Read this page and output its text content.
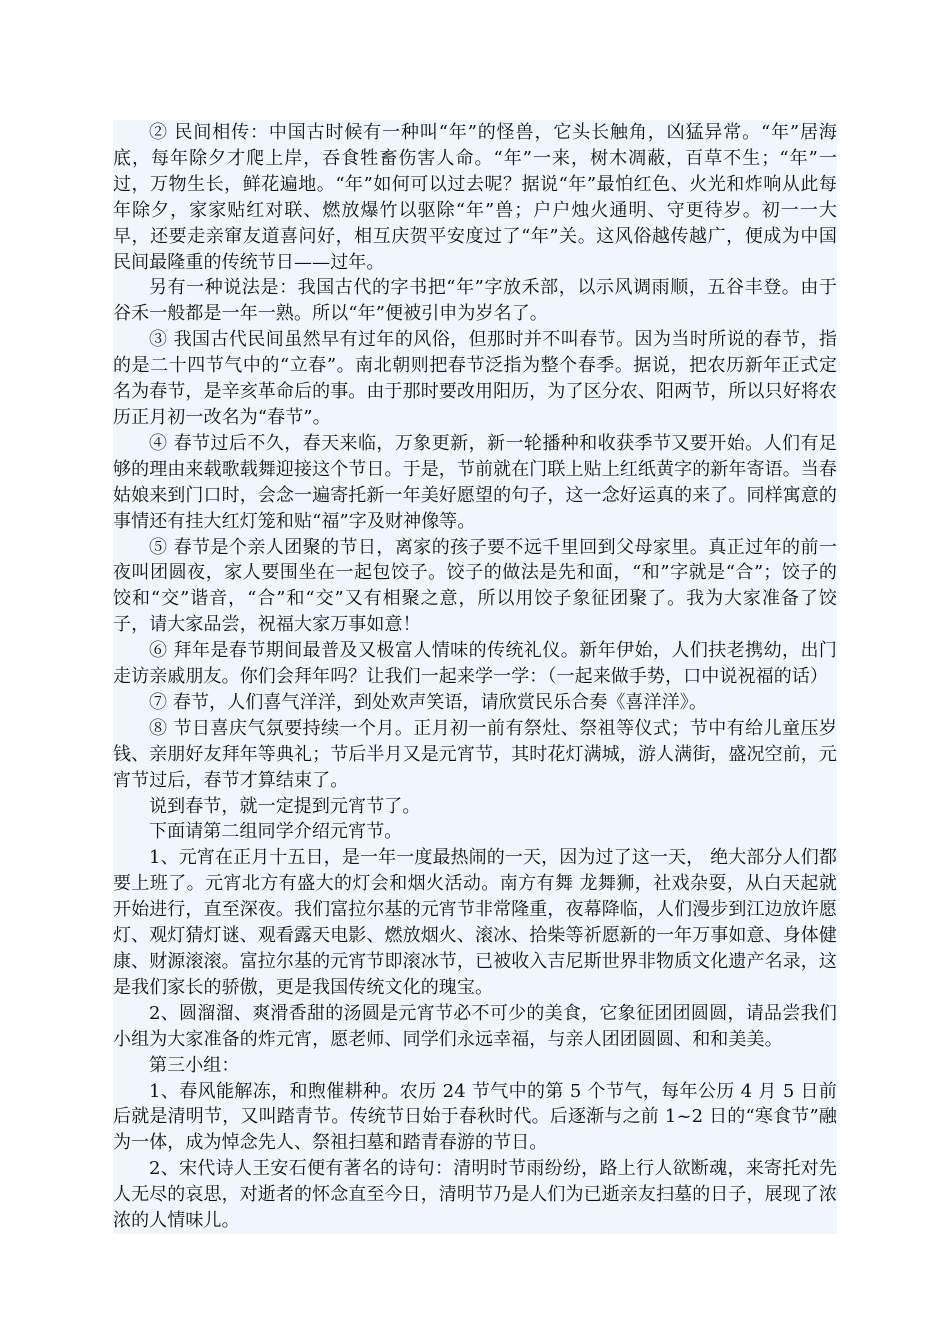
② 民间相传：中国古时候有一种叫“年”的怪兽，它头长触角，凶猛异常。“年”居海底，每年除夕才爬上岸，吞食牲畜伤害人命。“年”一来，树木凋蔽，百草不生；“年”一过，万物生长，鲜花遍地。“年”如何可以过去呢？据说“年”最怕红色、火光和炸响从此每年除夕，家家贴红对联、燃放爆竹以驱除“年”兽；户户烛火通明、守更待岁。初一一大早，还要走亲窜友道喜问好，相互庆贺平安度过了“年”关。这风俗越传越广，便成为中国民间最隆重的传统节日——过年。

另有一种说法是：我国古代的字书把“年”字放禾部，以示风调雨顺，五谷丰登。由于谷禾一般都是一年一熟。所以“年”便被引申为岁名了。

③ 我国古代民间虽然早有过年的风俗，但那时并不叫春节。因为当时所说的春节，指的是二十四节气中的“立春”。南北朝则把春节泛指为整个春季。据说，把农历新年正式定名为春节，是辛亥革命后的事。由于那时要改用阳历，为了区分农、阳两节，所以只好将农历正月初一改名为“春节”。

④ 春节过后不久，春天来临，万象更新，新一轮播种和收获季节又要开始。人们有足够的理由来载歌载舞迎接这个节日。于是，节前就在门联上贴上红纸黄字的新年寄语。当春姑娘来到门口时，会念一遍寄托新一年美好愿望的句子，这一念好运真的来了。同样寓意的事情还有挂大红灯笼和贴“福”字及财神像等。

⑤ 春节是个亲人团聚的节日，离家的孩子要不远千里回到父母家里。真正过年的前一夜叫团圆夜，家人要围坐在一起包饺子。饺子的做法是先和面，“和”字就是“合”；饺子的饺和“交”谐音，“合”和“交”又有相聚之意，所以用饺子象征团聚了。我为大家准备了饺子，请大家品尝，祝福大家万事如意！

⑥ 拜年是春节期间最普及又极富人情味的传统礼仪。新年伊始，人们扶老携幼，出门走访亲戚朋友。你们会拜年吗？让我们一起来学一学：（一起来做手势，口中说祝福的话）

⑦ 春节，人们喜气洋洋，到处欢声笑语，请欣赏民乐合奏《喜洋洋》。

⑧ 节日喜庆气氛要持续一个月。正月初一前有祭灶、祭祖等仪式；节中有给儿童压岁钱、亲朋好友拜年等典礼；节后半月又是元宵节，其时花灯满城，游人满街，盛况空前，元宵节过后，春节才算结束了。

说到春节，就一定提到元宵节了。

下面请第二组同学介绍元宵节。

1、元宵在正月十五日，是一年一度最热闹的一天，因为过了这一天， 绝大部分人们都要上班了。元宵北方有盛大的灯会和烟火活动。南方有舞 龙舞狮，社戏杂耍，从白天起就开始进行，直至深夜。我们富拉尔基的元宵节非常隆重，夜幕降临，人们漫步到江边放许愿灯、观灯猜灯谜、观看露天电影、燃放烟火、滚冰、拾柴等祈愿新的一年万事如意、身体健康、财源滚滚。富拉尔基的元宵节即滚冰节，已被收入吉尼斯世界非物质文化遗产名录，这是我们家长的骄傲，更是我国传统文化的瑰宝。

2、圆溜溜、爽滑香甜的汤圆是元宵节必不可少的美食，它象征团团圆圆，请品尝我们小组为大家准备的炸元宵，愿老师、同学们永远幸福，与亲人团团圆圆、和和美美。

第三小组：

1、春风能解冻，和煦催耕种。农历 24 节气中的第 5 个节气，每年公历 4 月 5 日前后就是清明节，又叫踏青节。传统节日始于春秋时代。后逐渐与之前 1~2 日的“寒食节”融为一体，成为悼念先人、祭祖扫墓和踏青春游的节日。

2、宋代诗人王安石便有著名的诗句：清明时节雨纷纷，路上行人欲断魂，来寄托对先人无尽的哀思，对逝者的怀念直至今日，清明节乃是人们为已逝亲友扫墓的日子，展现了浓浓的人情味儿。
